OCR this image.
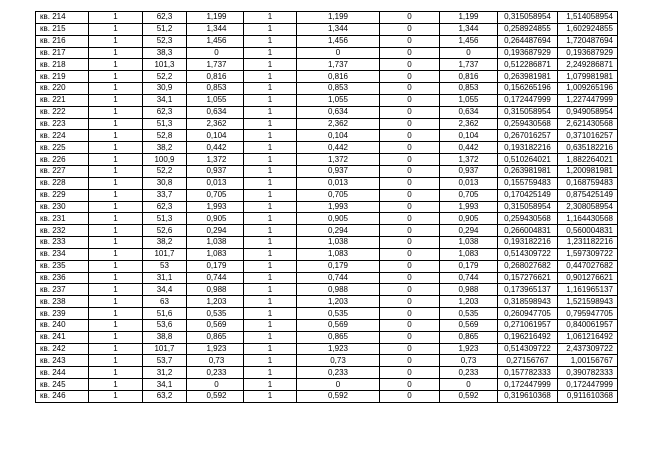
кв. 214	1	62,3	1,199	1	1,199	0	1,199	0,315058954	1,514058954
кв. 215	1	51,2	1,344	1	1,344	0	1,344	0,258924855	1,602924855
кв. 216	1	52,3	1,456	1	1,456	0	1,456	0,264487694	1,720487694
кв. 217	1	38,3	0	1	0	0	0	0,193687929	0,193687929
кв. 218	1	101,3	1,737	1	1,737	0	1,737	0,512286871	2,249286871
кв. 219	1	52,2	0,816	1	0,816	0	0,816	0,263981981	1,079981981
кв. 220	1	30,9	0,853	1	0,853	0	0,853	0,156265196	1,009265196
кв. 221	1	34,1	1,055	1	1,055	0	1,055	0,172447999	1,227447999
кв. 222	1	62,3	0,634	1	0,634	0	0,634	0,315058954	0,949058954
кв. 223	1	51,3	2,362	1	2,362	0	2,362	0,259430568	2,621430568
кв. 224	1	52,8	0,104	1	0,104	0	0,104	0,267016257	0,371016257
кв. 225	1	38,2	0,442	1	0,442	0	0,442	0,193182216	0,635182216
кв. 226	1	100,9	1,372	1	1,372	0	1,372	0,510264021	1,882264021
кв. 227	1	52,2	0,937	1	0,937	0	0,937	0,263981981	1,200981981
кв. 228	1	30,8	0,013	1	0,013	0	0,013	0,155759483	0,168759483
кв. 229	1	33,7	0,705	1	0,705	0	0,705	0,170425149	0,875425149
кв. 230	1	62,3	1,993	1	1,993	0	1,993	0,315058954	2,308058954
кв. 231	1	51,3	0,905	1	0,905	0	0,905	0,259430568	1,164430568
кв. 232	1	52,6	0,294	1	0,294	0	0,294	0,266004831	0,560004831
кв. 233	1	38,2	1,038	1	1,038	0	1,038	0,193182216	1,231182216
кв. 234	1	101,7	1,083	1	1,083	0	1,083	0,514309722	1,597309722
кв. 235	1	53	0,179	1	0,179	0	0,179	0,268027682	0,447027682
кв. 236	1	31,1	0,744	1	0,744	0	0,744	0,157276621	0,901276621
кв. 237	1	34,4	0,988	1	0,988	0	0,988	0,173965137	1,161965137
кв. 238	1	63	1,203	1	1,203	0	1,203	0,318598943	1,521598943
кв. 239	1	51,6	0,535	1	0,535	0	0,535	0,260947705	0,795947705
кв. 240	1	53,6	0,569	1	0,569	0	0,569	0,271061957	0,840061957
кв. 241	1	38,8	0,865	1	0,865	0	0,865	0,196216492	1,061216492
кв. 242	1	101,7	1,923	1	1,923	0	1,923	0,514309722	2,437309722
кв. 243	1	53,7	0,73	1	0,73	0	0,73	0,27156767	1,00156767
кв. 244	1	31,2	0,233	1	0,233	0	0,233	0,157782333	0,390782333
кв. 245	1	34,1	0	1	0	0	0	0,172447999	0,172447999
кв. 246	1	63,2	0,592	1	0,592	0	0,592	0,319610368	0,911610368
